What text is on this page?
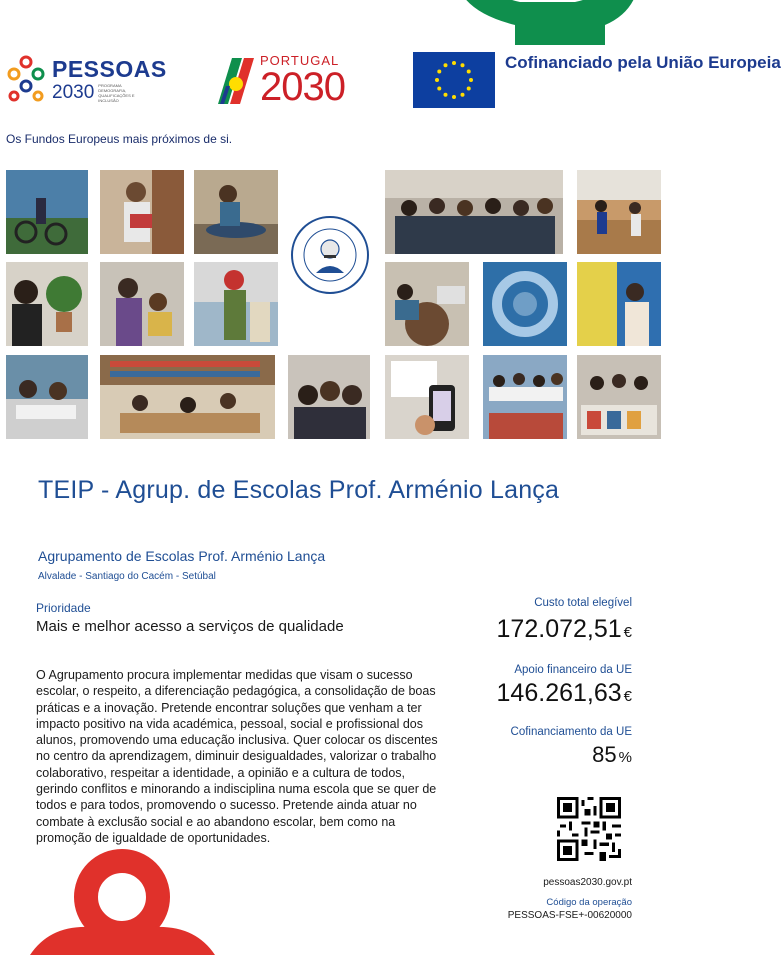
PESSOAS
2030 PROGRAMA DEMOGRAFIA, QUALIFICAÇÕES E INCLUSÃO
PORTUGAL
2030
Cofinanciado pela União Europeia
Os Fundos Europeus mais próximos de si.
TEIP - Agrup. de Escolas Prof. Arménio Lança
Agrupamento de Escolas Prof. Arménio Lança
Alvalade - Santiago do Cacém - Setúbal
Prioridade
Mais e melhor acesso a serviços de qualidade
O Agrupamento procura implementar medidas que visam o sucesso escolar, o respeito, a diferenciação pedagógica, a consolidação de boas práticas e a inovação. Pretende encontrar soluções que venham a ter impacto positivo na vida académica, pessoal, social e profissional dos alunos, promovendo uma educação inclusiva. Quer colocar os discentes no centro da aprendizagem, diminuir desigualdades, valorizar o trabalho colaborativo, respeitar a identidade, a opinião e a cultura de todos, gerindo conflitos e minorando a indisciplina numa escola que se quer de todos e para todos, promovendo o sucesso. Pretende ainda atuar no combate à exclusão social e ao abandono escolar, bem como na promoção de igualdade de oportunidades.
Custo total elegível
172.072,51 €
Apoio financeiro da UE
146.261,63 €
Cofinanciamento da UE
85 %
pessoas2030.gov.pt
Código da operação
PESSOAS-FSE+-00620000
